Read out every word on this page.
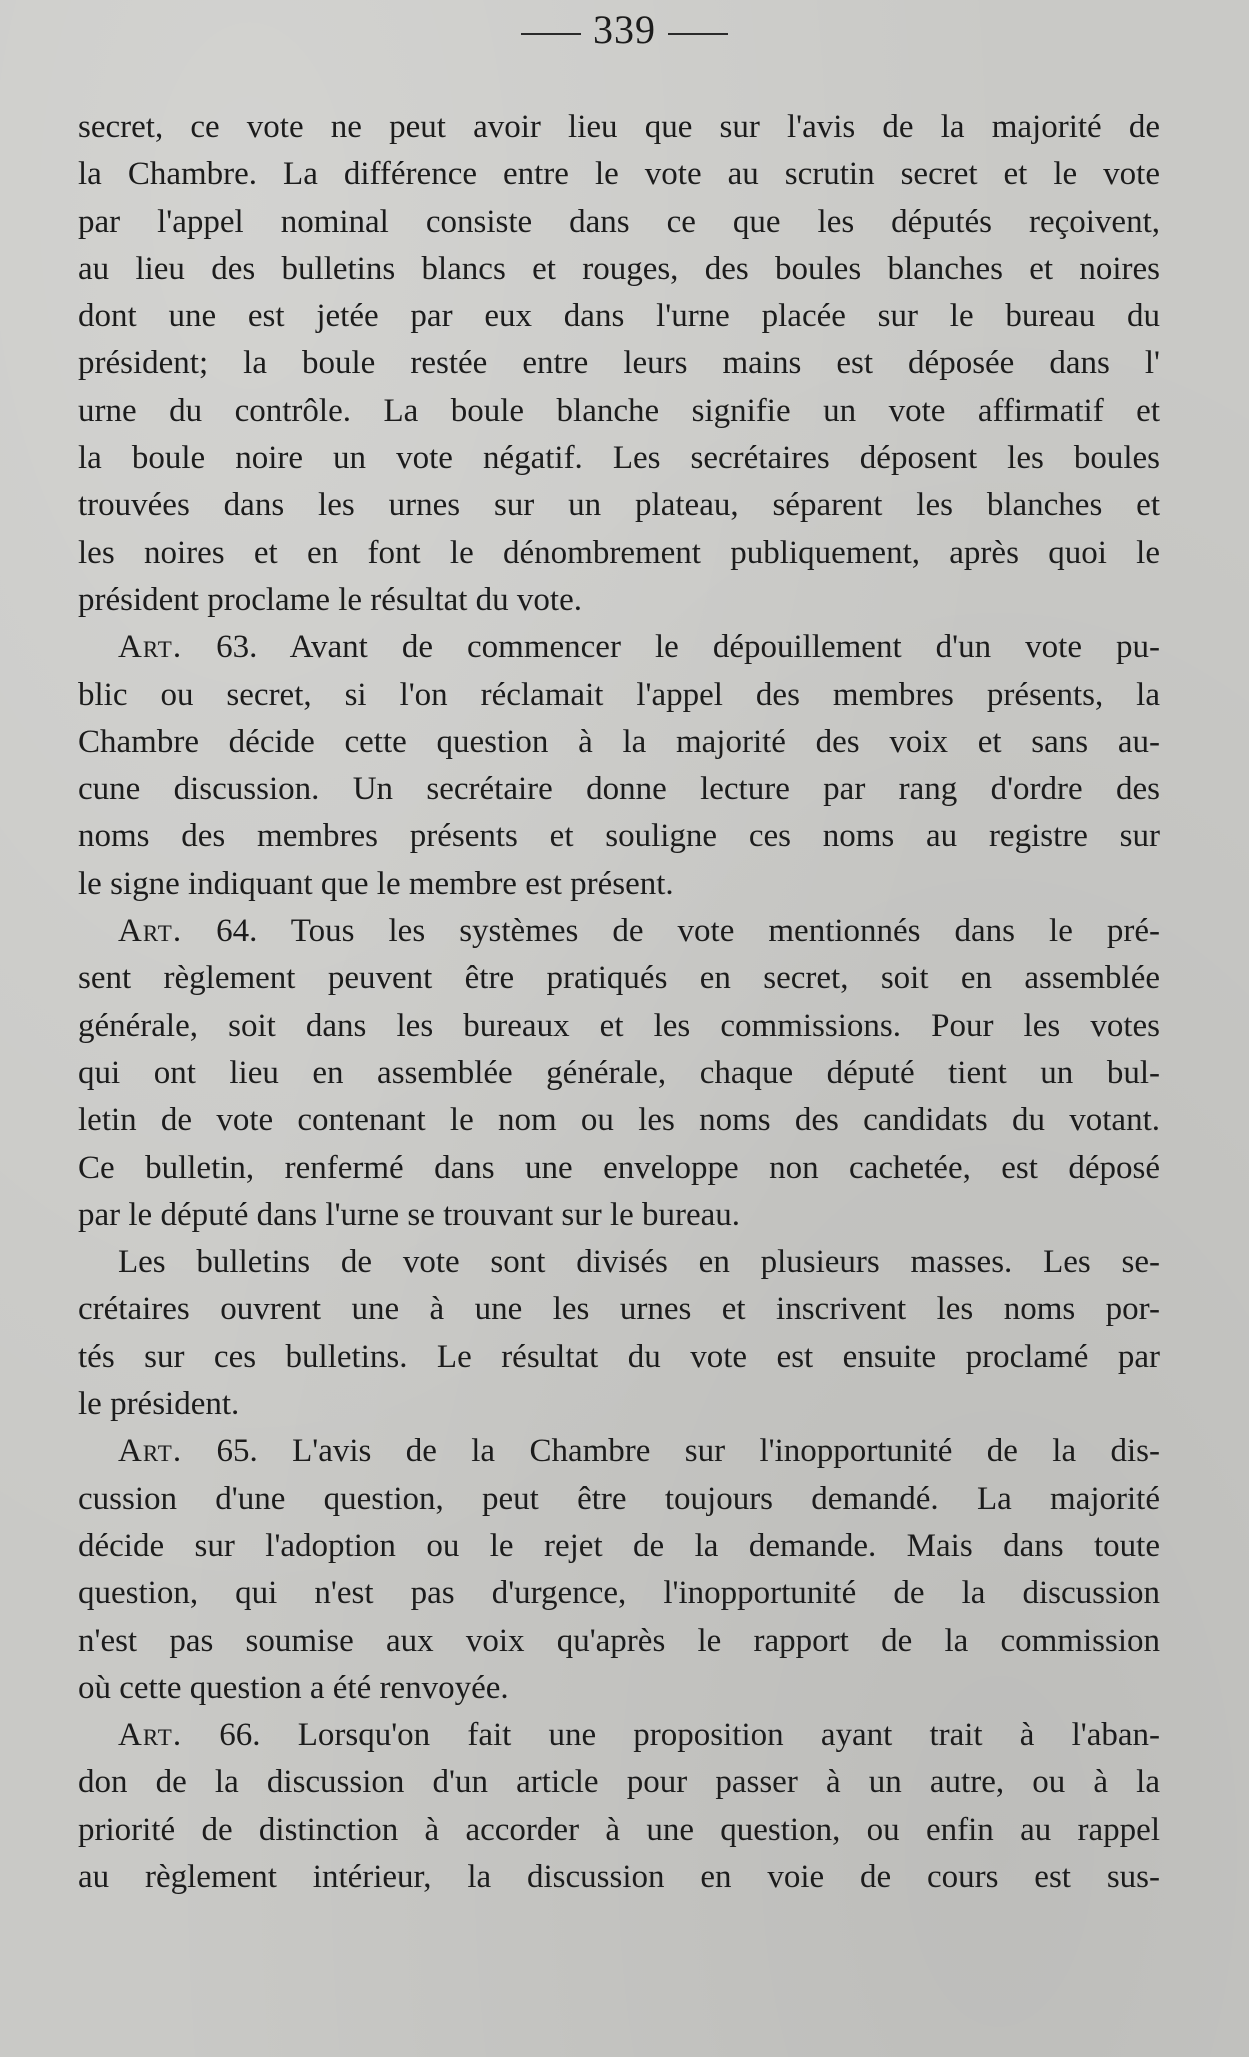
339
secret, ce vote ne peut avoir lieu que sur l'avis de la majorité de
la Chambre. La différence entre le vote au scrutin secret et le vote
par l'appel nominal consiste dans ce que les députés reçoivent,
au lieu des bulletins blancs et rouges, des boules blanches et noires
dont une est jetée par eux dans l'urne placée sur le bureau du
président; la boule restée entre leurs mains est déposée dans l'
urne du contrôle. La boule blanche signifie un vote affirmatif et
la boule noire un vote négatif. Les secrétaires déposent les boules
trouvées dans les urnes sur un plateau, séparent les blanches et
les noires et en font le dénombrement publiquement, après quoi le
président proclame le résultat du vote.
Art. 63. Avant de commencer le dépouillement d'un vote pu-
blic ou secret, si l'on réclamait l'appel des membres présents, la
Chambre décide cette question à la majorité des voix et sans au-
cune discussion. Un secrétaire donne lecture par rang d'ordre des
noms des membres présents et souligne ces noms au registre sur
le signe indiquant que le membre est présent.
Art. 64. Tous les systèmes de vote mentionnés dans le pré-
sent règlement peuvent être pratiqués en secret, soit en assemblée
générale, soit dans les bureaux et les commissions. Pour les votes
qui ont lieu en assemblée générale, chaque député tient un bul-
letin de vote contenant le nom ou les noms des candidats du votant.
Ce bulletin, renfermé dans une enveloppe non cachetée, est déposé
par le député dans l'urne se trouvant sur le bureau.
Les bulletins de vote sont divisés en plusieurs masses. Les se-
crétaires ouvrent une à une les urnes et inscrivent les noms por-
tés sur ces bulletins. Le résultat du vote est ensuite proclamé par
le président.
Art. 65. L'avis de la Chambre sur l'inopportunité de la dis-
cussion d'une question, peut être toujours demandé. La majorité
décide sur l'adoption ou le rejet de la demande. Mais dans toute
question, qui n'est pas d'urgence, l'inopportunité de la discussion
n'est pas soumise aux voix qu'après le rapport de la commission
où cette question a été renvoyée.
Art. 66. Lorsqu'on fait une proposition ayant trait à l'aban-
don de la discussion d'un article pour passer à un autre, ou à la
priorité de distinction à accorder à une question, ou enfin au rappel
au règlement intérieur, la discussion en voie de cours est sus-
